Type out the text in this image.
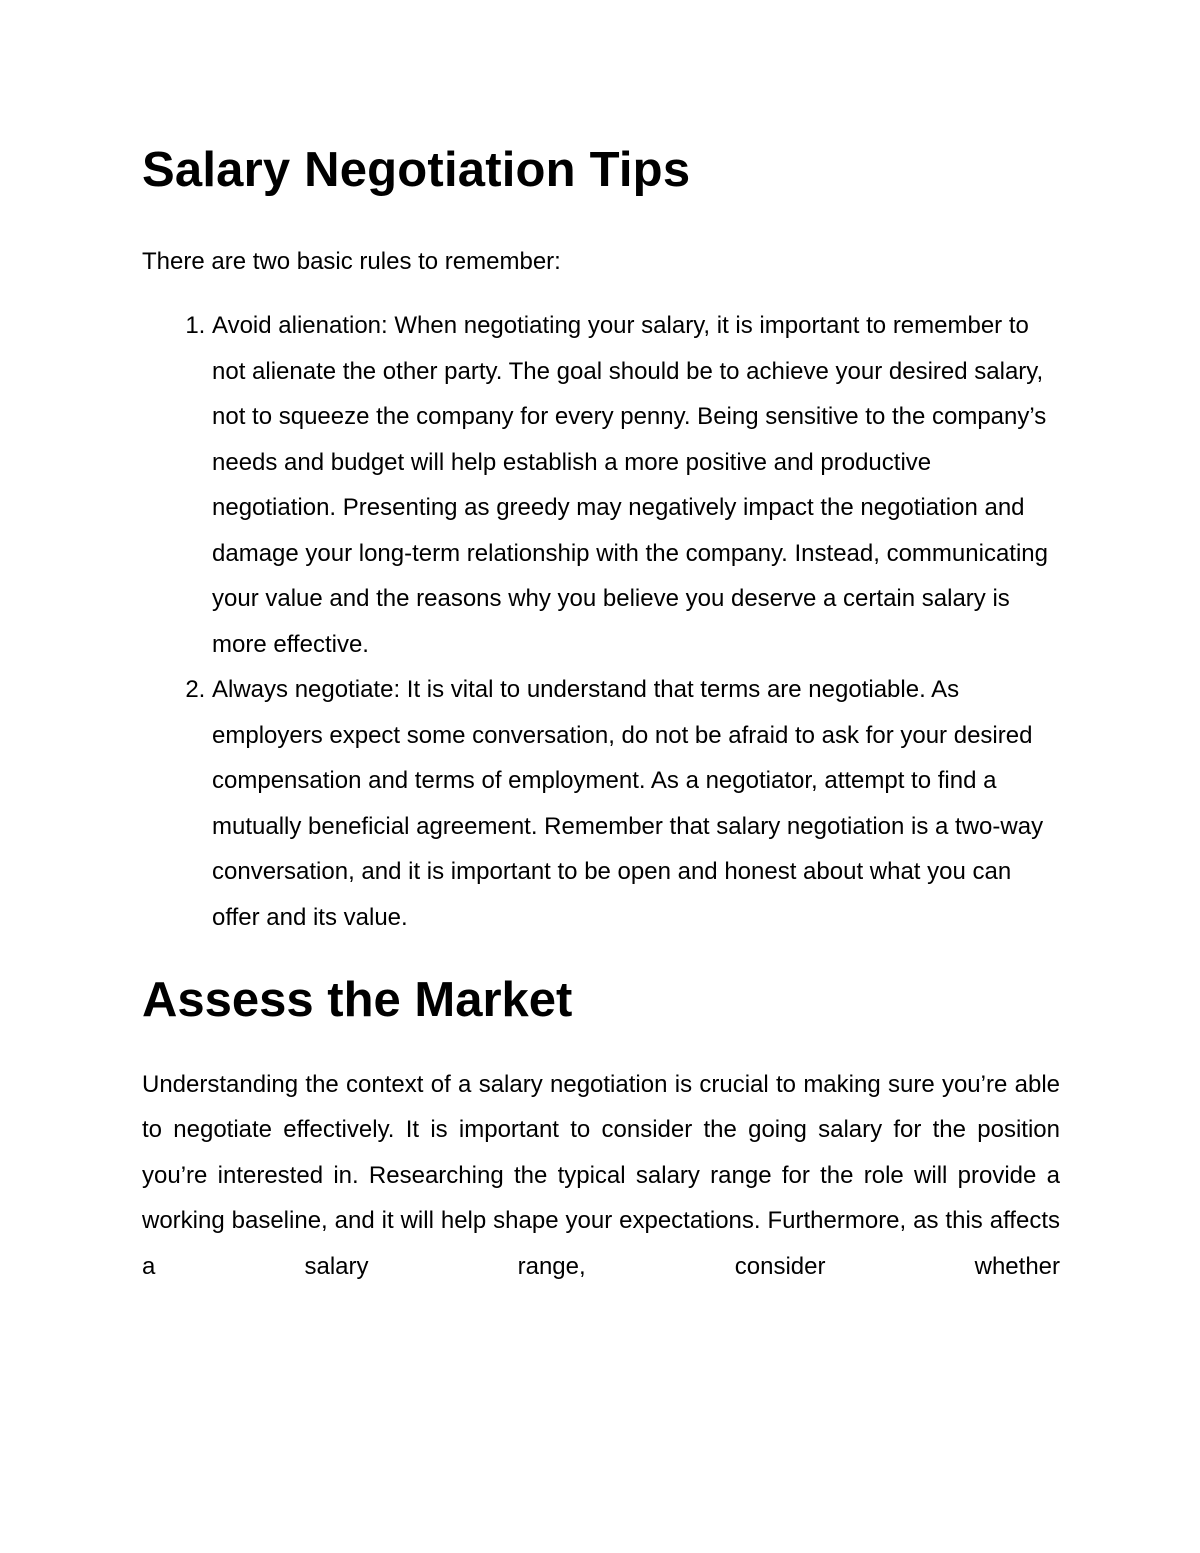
Salary Negotiation Tips

There are two basic rules to remember:

1. Avoid alienation: When negotiating your salary, it is important to remember to not alienate the other party. The goal should be to achieve your desired salary, not to squeeze the company for every penny. Being sensitive to the company’s needs and budget will help establish a more positive and productive negotiation. Presenting as greedy may negatively impact the negotiation and damage your long-term relationship with the company. Instead, communicating your value and the reasons why you believe you deserve a certain salary is more effective.
2. Always negotiate: It is vital to understand that terms are negotiable. As employers expect some conversation, do not be afraid to ask for your desired compensation and terms of employment. As a negotiator, attempt to find a mutually beneficial agreement. Remember that salary negotiation is a two-way conversation, and it is important to be open and honest about what you can offer and its value.
Assess the Market

Understanding the context of a salary negotiation is crucial to making sure you’re able to negotiate effectively. It is important to consider the going salary for the position you’re interested in. Researching the typical salary range for the role will provide a working baseline, and it will help shape your expectations. Furthermore, as this affects a salary range, consider whether
